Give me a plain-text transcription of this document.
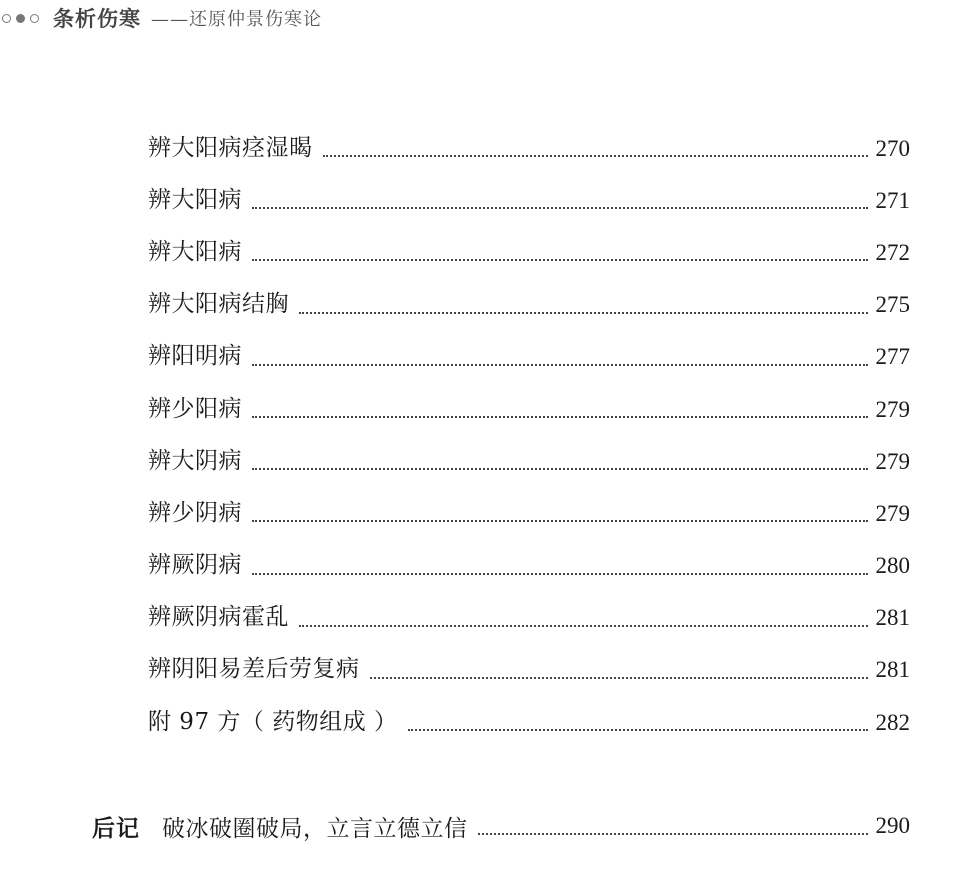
条析伤寒 ——还原仲景伤寒论
辨大阳病痉湿暍	270
辨大阳病	271
辨大阳病	272
辨大阳病结胸	275
辨阳明病	277
辨少阳病	279
辨大阴病	279
辨少阴病	279
辨厥阴病	280
辨厥阴病霍乱	281
辨阴阳易差后劳复病	281
附 97 方（ 药物组成 ）	282
后记 破冰破圈破局，立言立德立信	290
